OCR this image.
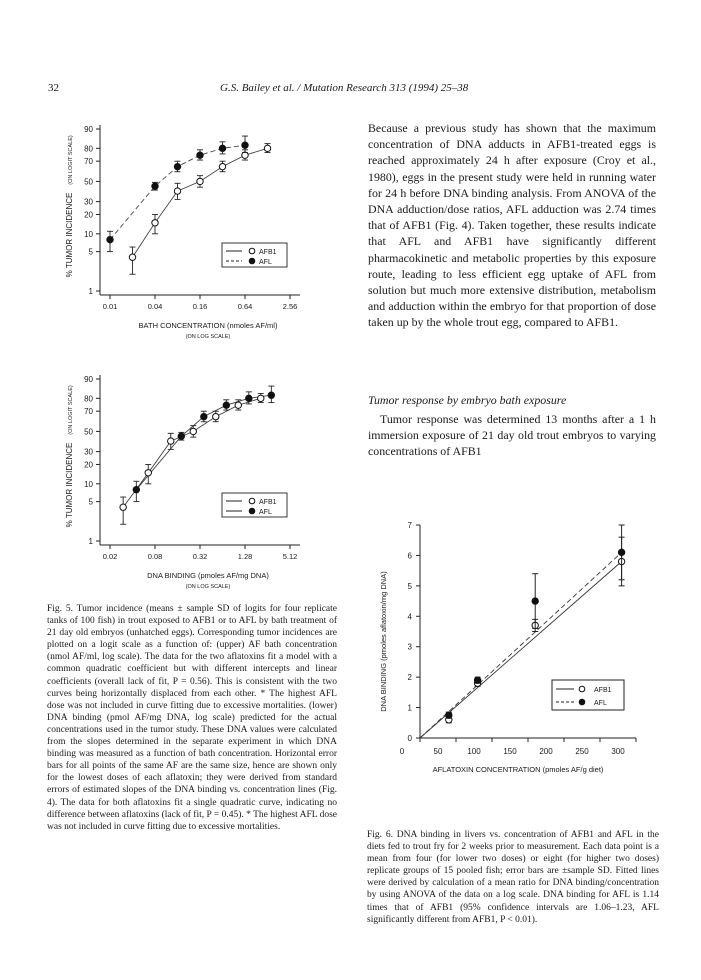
32	G.S. Bailey et al. / Mutation Research 313 (1994) 25–38
1
5
10
20
30
50
70
80
90
0.01	0.04	0.16	0.64	2.56
% TUMOR INCIDENCE
(ON LOGIT SCALE)
BATH CONCENTRATION (nmoles AF/ml)
(ON LOG SCALE)
AFB1
AFL
1
5
10
20
30
50
70
80
90
0.02	0.08	0.32	1.28	5.12
% TUMOR INCIDENCE
(ON LOGIT SCALE)
DNA BINDING (pmoles AF/mg DNA)
(ON LOG SCALE)
AFB1
AFL
0
1
2
3
4
5
6
7
0	50	100	150	200	250	300
DNA BINDING (pmoles aflatoxin/mg DNA)
AFLATOXIN CONCENTRATION (pmoles AF/g diet)
AFB1
AFL
Fig. 5. Tumor incidence (means ± sample SD of logits for four replicate tanks of 100 fish) in trout exposed to AFB1 or to AFL by bath treatment of 21 day old embryos (unhatched eggs). Corresponding tumor incidences are plotted on a logit scale as a function of: (upper) AF bath concentration (nmol AF/ml, log scale). The data for the two aflatoxins fit a model with a common quadratic coefficient but with different intercepts and linear coefficients (overall lack of fit, P = 0.56). This is consistent with the two curves being horizontally displaced from each other. * The highest AFL dose was not included in curve fitting due to excessive mortalities. (lower) DNA binding (pmol AF/mg DNA, log scale) predicted for the actual concentrations used in the tumor study. These DNA values were calculated from the slopes determined in the separate experiment in which DNA binding was measured as a function of bath concentration. Horizontal error bars for all points of the same AF are the same size, hence are shown only for the lowest doses of each aflatoxin; they were derived from standard errors of estimated slopes of the DNA binding vs. concentration lines (Fig. 4). The data for both aflatoxins fit a single quadratic curve, indicating no difference between aflatoxins (lack of fit, P = 0.45). * The highest AFL dose was not included in curve fitting due to excessive mortalities.
Because a previous study has shown that the maximum concentration of DNA adducts in AFB1-treated eggs is reached approximately 24 h after exposure (Croy et al., 1980), eggs in the present study were held in running water for 24 h before DNA binding analysis. From ANOVA of the DNA adduction/dose ratios, AFL adduction was 2.74 times that of AFB1 (Fig. 4). Taken together, these results indicate that AFL and AFB1 have significantly different pharmacokinetic and metabolic properties by this exposure route, leading to less efficient egg uptake of AFL from solution but much more extensive distribution, metabolism and adduction within the embryo for that proportion of dose taken up by the whole trout egg, compared to AFB1.
Tumor response by embryo bath exposure
Tumor response was determined 13 months after a 1 h immersion exposure of 21 day old trout embryos to varying concentrations of AFB1
Fig. 6. DNA binding in livers vs. concentration of AFB1 and AFL in the diets fed to trout fry for 2 weeks prior to measurement. Each data point is a mean from four (for lower two doses) or eight (for higher two doses) replicate groups of 15 pooled fish; error bars are ±sample SD. Fitted lines were derived by calculation of a mean ratio for DNA binding/concentration by using ANOVA of the data on a log scale. DNA binding for AFL is 1.14 times that of AFB1 (95% confidence intervals are 1.06–1.23, AFL significantly different from AFB1, P < 0.01).
